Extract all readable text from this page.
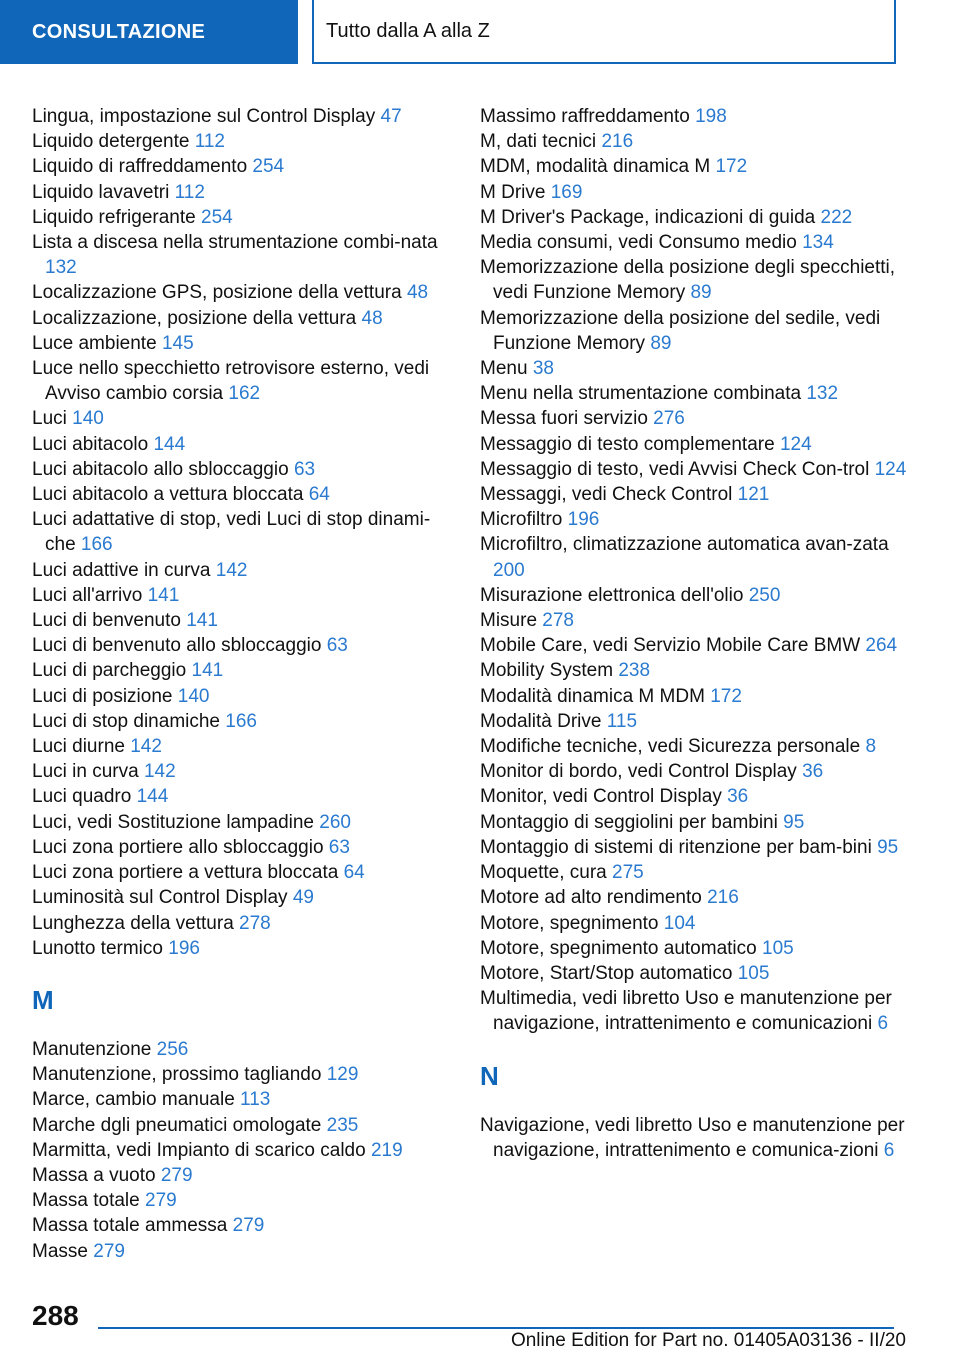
CONSULTAZIONE	Tutto dalla A alla Z
Lingua, impostazione sul Control Display 47
Liquido detergente 112
Liquido di raffreddamento 254
Liquido lavavetri 112
Liquido refrigerante 254
Lista a discesa nella strumentazione combi‐nata 132
Localizzazione GPS, posizione della vettura 48
Localizzazione, posizione della vettura 48
Luce ambiente 145
Luce nello specchietto retrovisore esterno, vedi Avviso cambio corsia 162
Luci 140
Luci abitacolo 144
Luci abitacolo allo sbloccaggio 63
Luci abitacolo a vettura bloccata 64
Luci adattative di stop, vedi Luci di stop dinami‐che 166
Luci adattive in curva 142
Luci all'arrivo 141
Luci di benvenuto 141
Luci di benvenuto allo sbloccaggio 63
Luci di parcheggio 141
Luci di posizione 140
Luci di stop dinamiche 166
Luci diurne 142
Luci in curva 142
Luci quadro 144
Luci, vedi Sostituzione lampadine 260
Luci zona portiere allo sbloccaggio 63
Luci zona portiere a vettura bloccata 64
Luminosità sul Control Display 49
Lunghezza della vettura 278
Lunotto termico 196
M
Manutenzione 256
Manutenzione, prossimo tagliando 129
Marce, cambio manuale 113
Marche dgli pneumatici omologate 235
Marmitta, vedi Impianto di scarico caldo 219
Massa a vuoto 279
Massa totale 279
Massa totale ammessa 279
Masse 279
Massimo raffreddamento 198
M, dati tecnici 216
MDM, modalità dinamica M 172
M Drive 169
M Driver's Package, indicazioni di guida 222
Media consumi, vedi Consumo medio 134
Memorizzazione della posizione degli specchietti, vedi Funzione Memory 89
Memorizzazione della posizione del sedile, vedi Funzione Memory 89
Menu 38
Menu nella strumentazione combinata 132
Messa fuori servizio 276
Messaggio di testo complementare 124
Messaggio di testo, vedi Avvisi Check Con‐trol 124
Messaggi, vedi Check Control 121
Microfiltro 196
Microfiltro, climatizzazione automatica avan‐zata 200
Misurazione elettronica dell'olio 250
Misure 278
Mobile Care, vedi Servizio Mobile Care BMW 264
Mobility System 238
Modalità dinamica M MDM 172
Modalità Drive 115
Modifiche tecniche, vedi Sicurezza personale 8
Monitor di bordo, vedi Control Display 36
Monitor, vedi Control Display 36
Montaggio di seggiolini per bambini 95
Montaggio di sistemi di ritenzione per bam‐bini 95
Moquette, cura 275
Motore ad alto rendimento 216
Motore, spegnimento 104
Motore, spegnimento automatico 105
Motore, Start/Stop automatico 105
Multimedia, vedi libretto Uso e manutenzione per navigazione, intrattenimento e comunicazioni 6
N
Navigazione, vedi libretto Uso e manutenzione per navigazione, intrattenimento e comunica‐zioni 6
288
Online Edition for Part no. 01405A03136 - II/20
